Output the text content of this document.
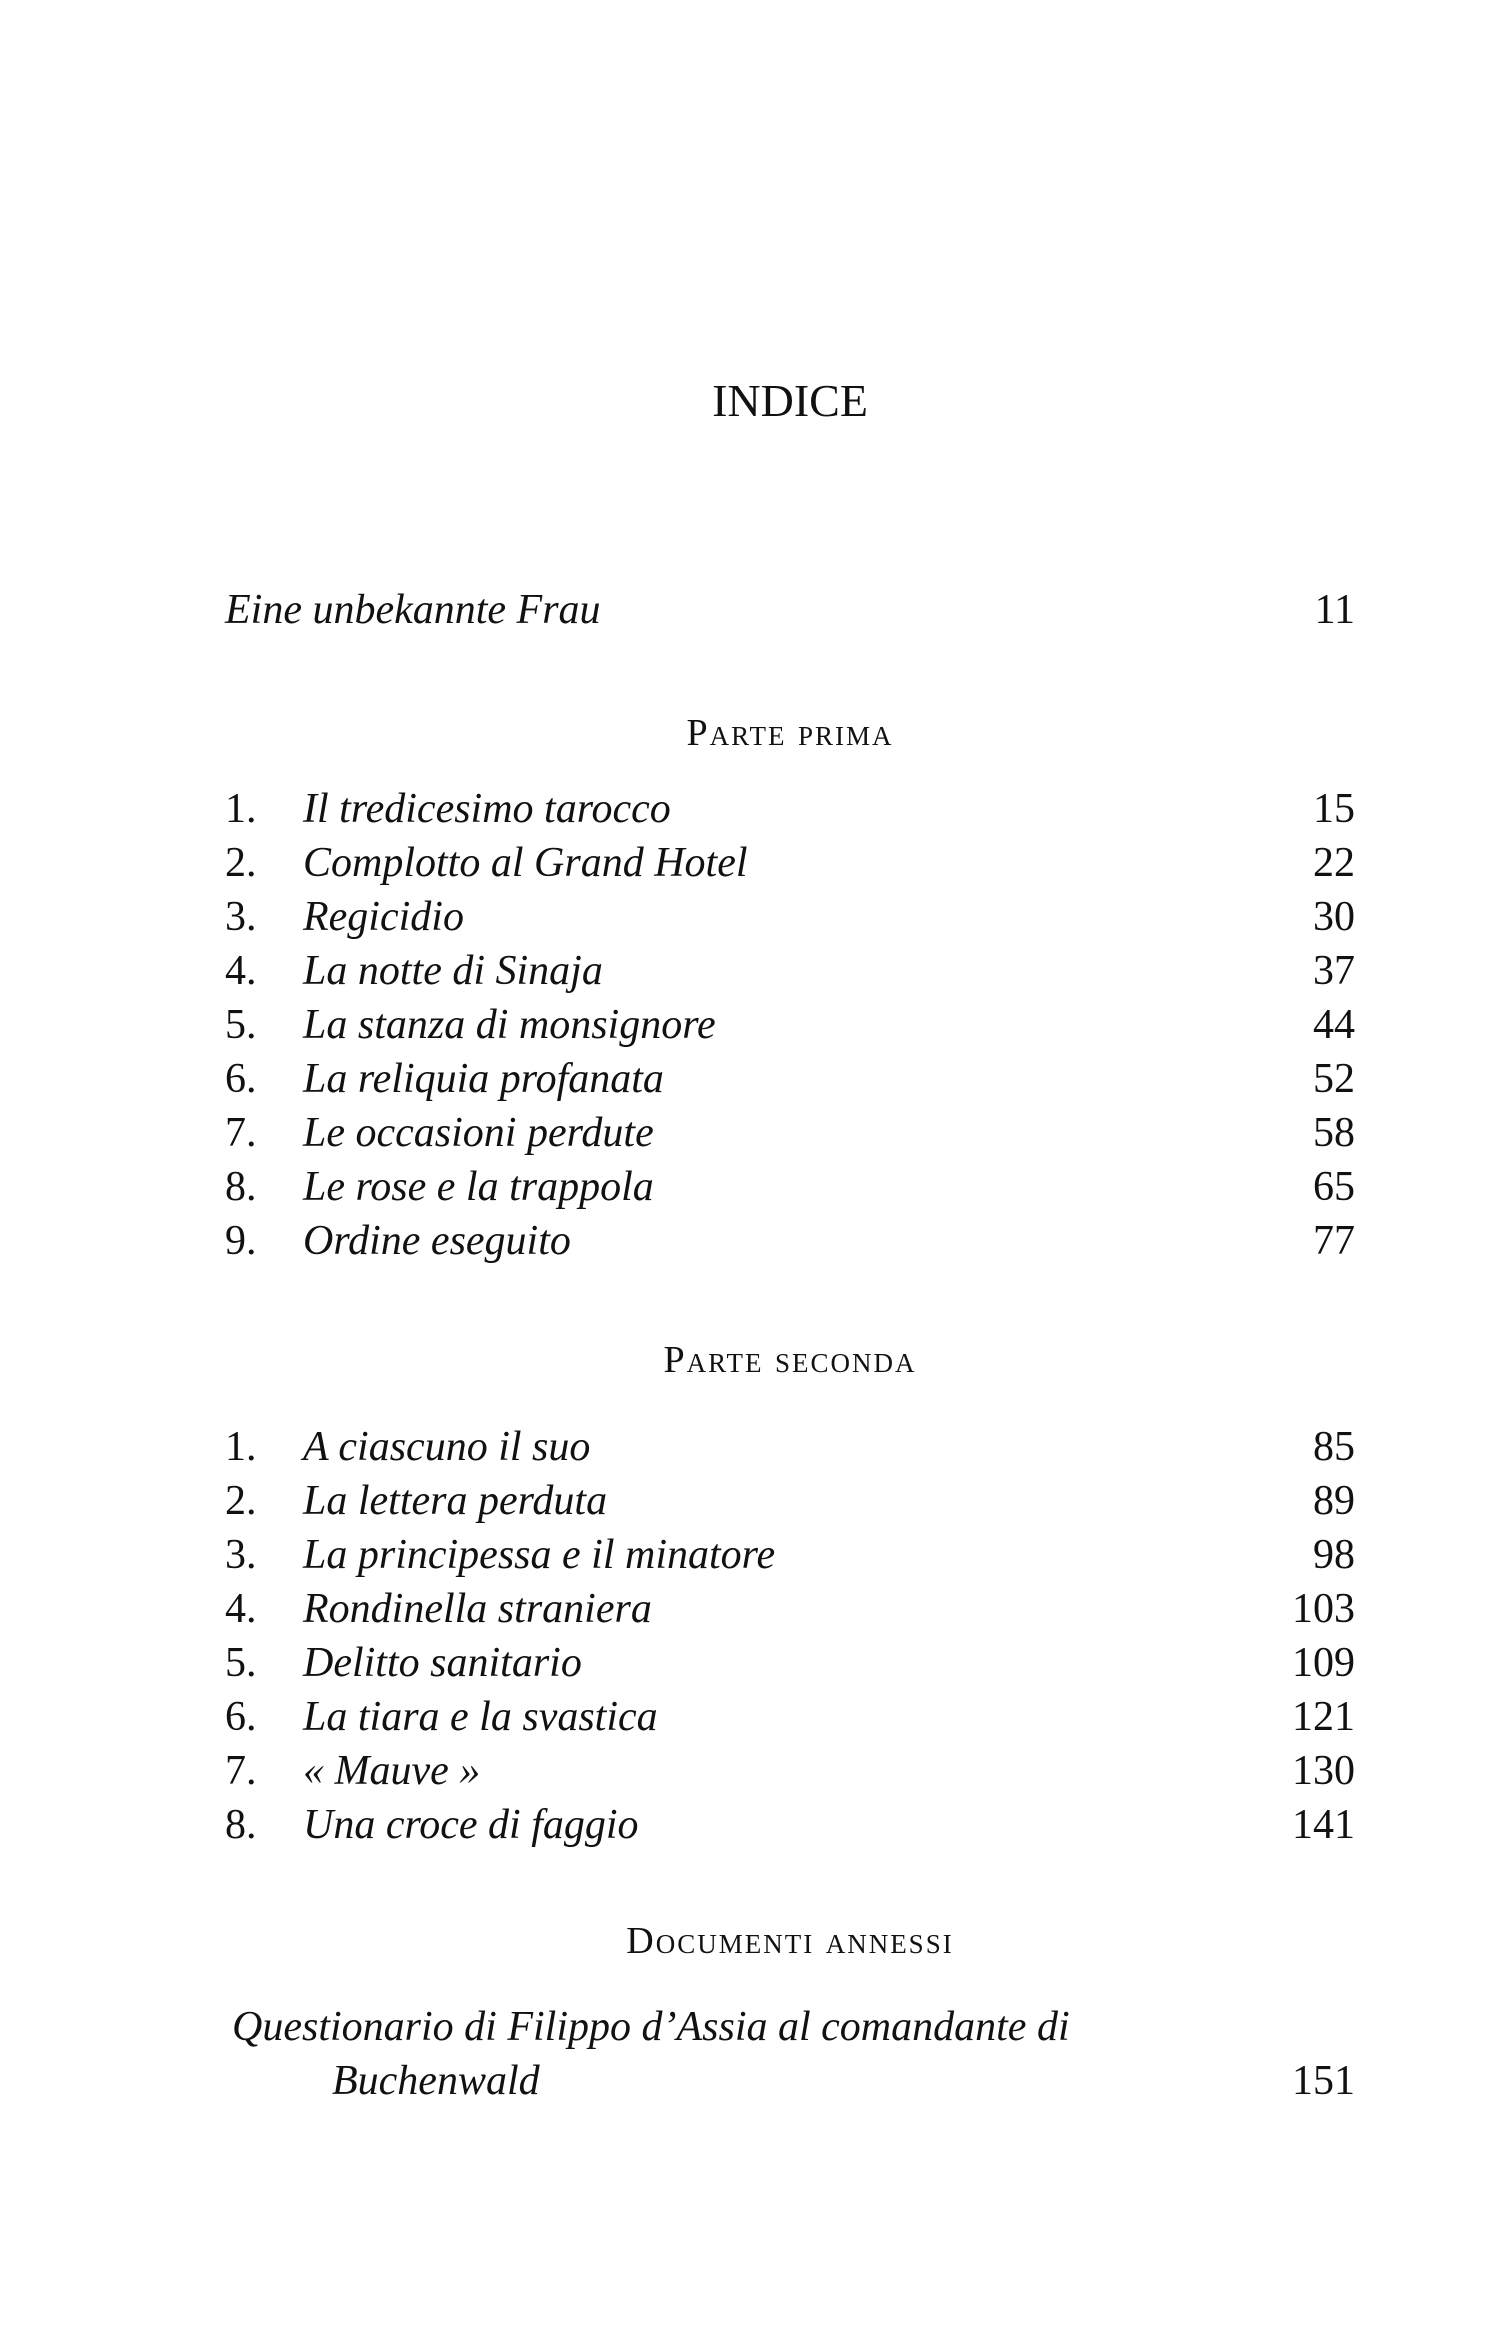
INDICE
Eine unbekannte Frau	11
Parte prima
1. Il tredicesimo tarocco	15
2. Complotto al Grand Hotel	22
3. Regicidio	30
4. La notte di Sinaja	37
5. La stanza di monsignore	44
6. La reliquia profanata	52
7. Le occasioni perdute	58
8. Le rose e la trappola	65
9. Ordine eseguito	77
Parte seconda
1. A ciascuno il suo	85
2. La lettera perduta	89
3. La principessa e il minatore	98
4. Rondinella straniera	103
5. Delitto sanitario	109
6. La tiara e la svastica	121
7. « Mauve »	130
8. Una croce di faggio	141
Documenti annessi
Questionario di Filippo d’Assia al comandante di
Buchenwald	151
